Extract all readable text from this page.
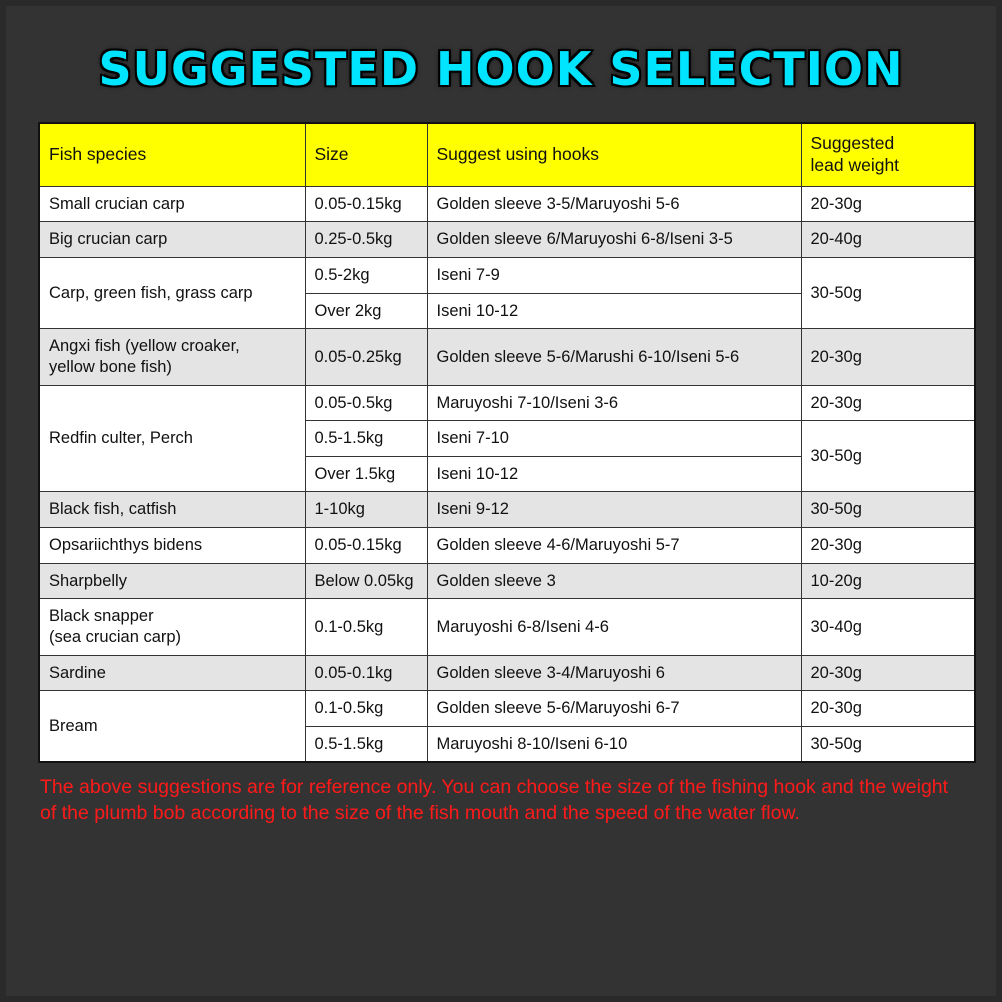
SUGGESTED HOOK SELECTION
Fish species	Size	Suggest using hooks	Suggested
lead weight

Small crucian carp	0.05-0.15kg	Golden sleeve 3-5/Maruyoshi 5-6	20-30g
Big crucian carp	0.25-0.5kg	Golden sleeve 6/Maruyoshi 6-8/Iseni 3-5	20-40g
Carp, green fish, grass carp	0.5-2kg	Iseni 7-9	30-50g
	Over 2kg	Iseni 10-12	

Angxi fish (yellow croaker,
yellow bone fish)	0.05-0.25kg	Golden sleeve 5-6/Marushi 6-10/Iseni 5-6	20-30g
Redfin culter, Perch	0.05-0.5kg	Maruyoshi 7-10/Iseni 3-6	20-30g
	0.5-1.5kg	Iseni 7-10	30-50g
	Over 1.5kg	Iseni 10-12	
Black fish, catfish	1-10kg	Iseni 9-12	30-50g
Opsariichthys bidens	0.05-0.15kg	Golden sleeve 4-6/Maruyoshi 5-7	20-30g
Sharpbelly	Below 0.05kg	Golden sleeve 3	10-20g

Black snapper
(sea crucian carp)	0.1-0.5kg	Maruyoshi 6-8/Iseni 4-6	30-40g
Sardine	0.05-0.1kg	Golden sleeve 3-4/Maruyoshi 6	20-30g
Bream	0.1-0.5kg	Golden sleeve 5-6/Maruyoshi 6-7	20-30g
	0.5-1.5kg	Maruyoshi 8-10/Iseni 6-10	30-50g
The above suggestions are for reference only. You can choose the size of the fishing hook and the weight of the plumb bob according to the size of the fish mouth and the speed of the water flow.
